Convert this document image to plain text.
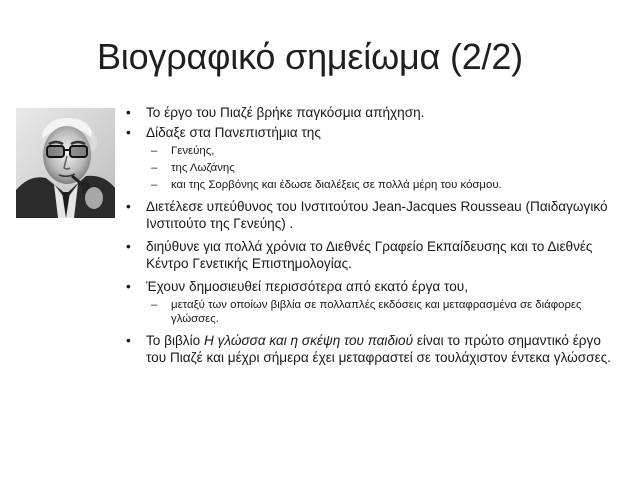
Βιογραφικό σημείωμα (2/2)
• Το έργο του Πιαζέ βρήκε παγκόσμια απήχηση.
• Δίδαξε στα Πανεπιστήμια της
– Γενεύης,
– της Λωζάνης
– και της Σορβόνης και έδωσε διαλέξεις σε πολλά μέρη του κόσμου.
• Διετέλεσε υπεύθυνος του Ινστιτούτου Jean-Jacques Rousseau (Παιδαγωγικό Ινστιτούτο της Γενεύης) .
• διηύθυνε για πολλά χρόνια το Διεθνές Γραφείο Εκπαίδευσης και το Διεθνές Κέντρο Γενετικής Επιστημολογίας.
• Έχουν δημοσιευθεί περισσότερα από εκατό έργα του,
– μεταξύ των οποίων βιβλία σε πολλαπλές εκδόσεις και μεταφρασμένα σε διάφορες γλώσσες.
• Το βιβλίο Η γλώσσα και η σκέψη του παιδιού είναι το πρώτο σημαντικό έργο του Πιαζέ και μέχρι σήμερα έχει μεταφραστεί σε τουλάχιστον έντεκα γλώσσες.
